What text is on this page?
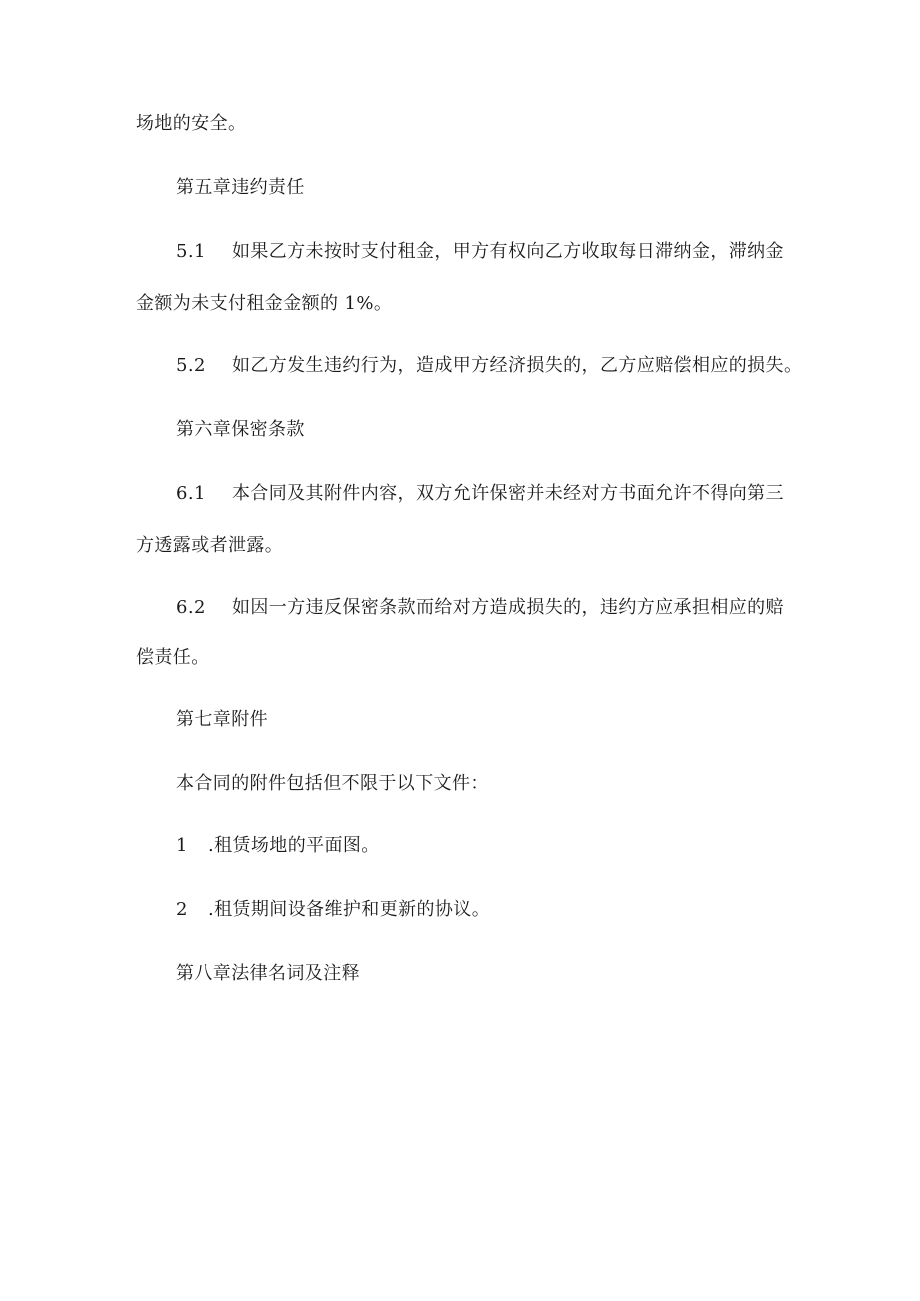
场地的安全。
第五章违约责任
5.1 如果乙方未按时支付租金，甲方有权向乙方收取每日滞纳金，滞纳金
金额为未支付租金金额的 1%。
5.2 如乙方发生违约行为，造成甲方经济损失的，乙方应赔偿相应的损失。
第六章保密条款
6.1 本合同及其附件内容，双方允许保密并未经对方书面允许不得向第三
方透露或者泄露。
6.2 如因一方违反保密条款而给对方造成损失的，违约方应承担相应的赔
偿责任。
第七章附件
本合同的附件包括但不限于以下文件：
1 .租赁场地的平面图。
2 .租赁期间设备维护和更新的协议。
第八章法律名词及注释
